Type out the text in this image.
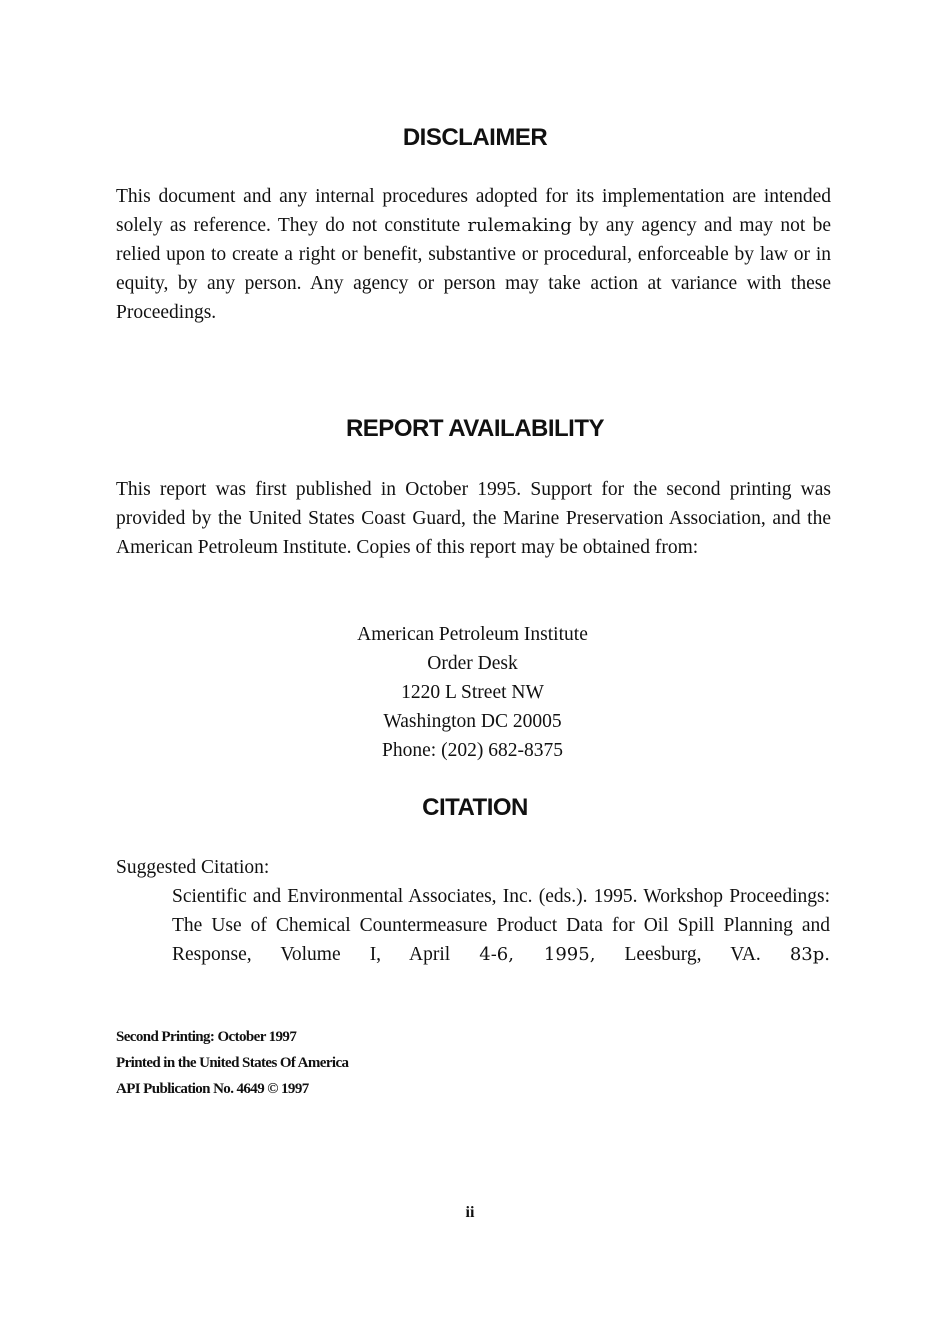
DISCLAIMER

This document and any internal procedures adopted for its implementation are intended solely as reference. They do not constitute rulemaking by any agency and may not be relied upon to create a right or benefit, substantive or procedural, enforceable by law or in equity, by any person. Any agency or person may take action at variance with these Proceedings.

REPORT AVAILABILITY

This report was first published in October 1995. Support for the second printing was provided by the United States Coast Guard, the Marine Preservation Association, and the American Petroleum Institute. Copies of this report may be obtained from:

American Petroleum Institute
Order Desk
1220 L Street NW
Washington DC 20005
Phone: (202) 682-8375
CITATION

Suggested Citation:

Scientific and Environmental Associates, Inc. (eds.). 1995. Workshop Proceedings: The Use of Chemical Countermeasure Product Data for Oil Spill Planning and Response, Volume I, April 4-6, 1995, Leesburg, VA. 83p.

Second Printing: October 1997
Printed in the United States Of America
API Publication No. 4649 © 1997
ii
